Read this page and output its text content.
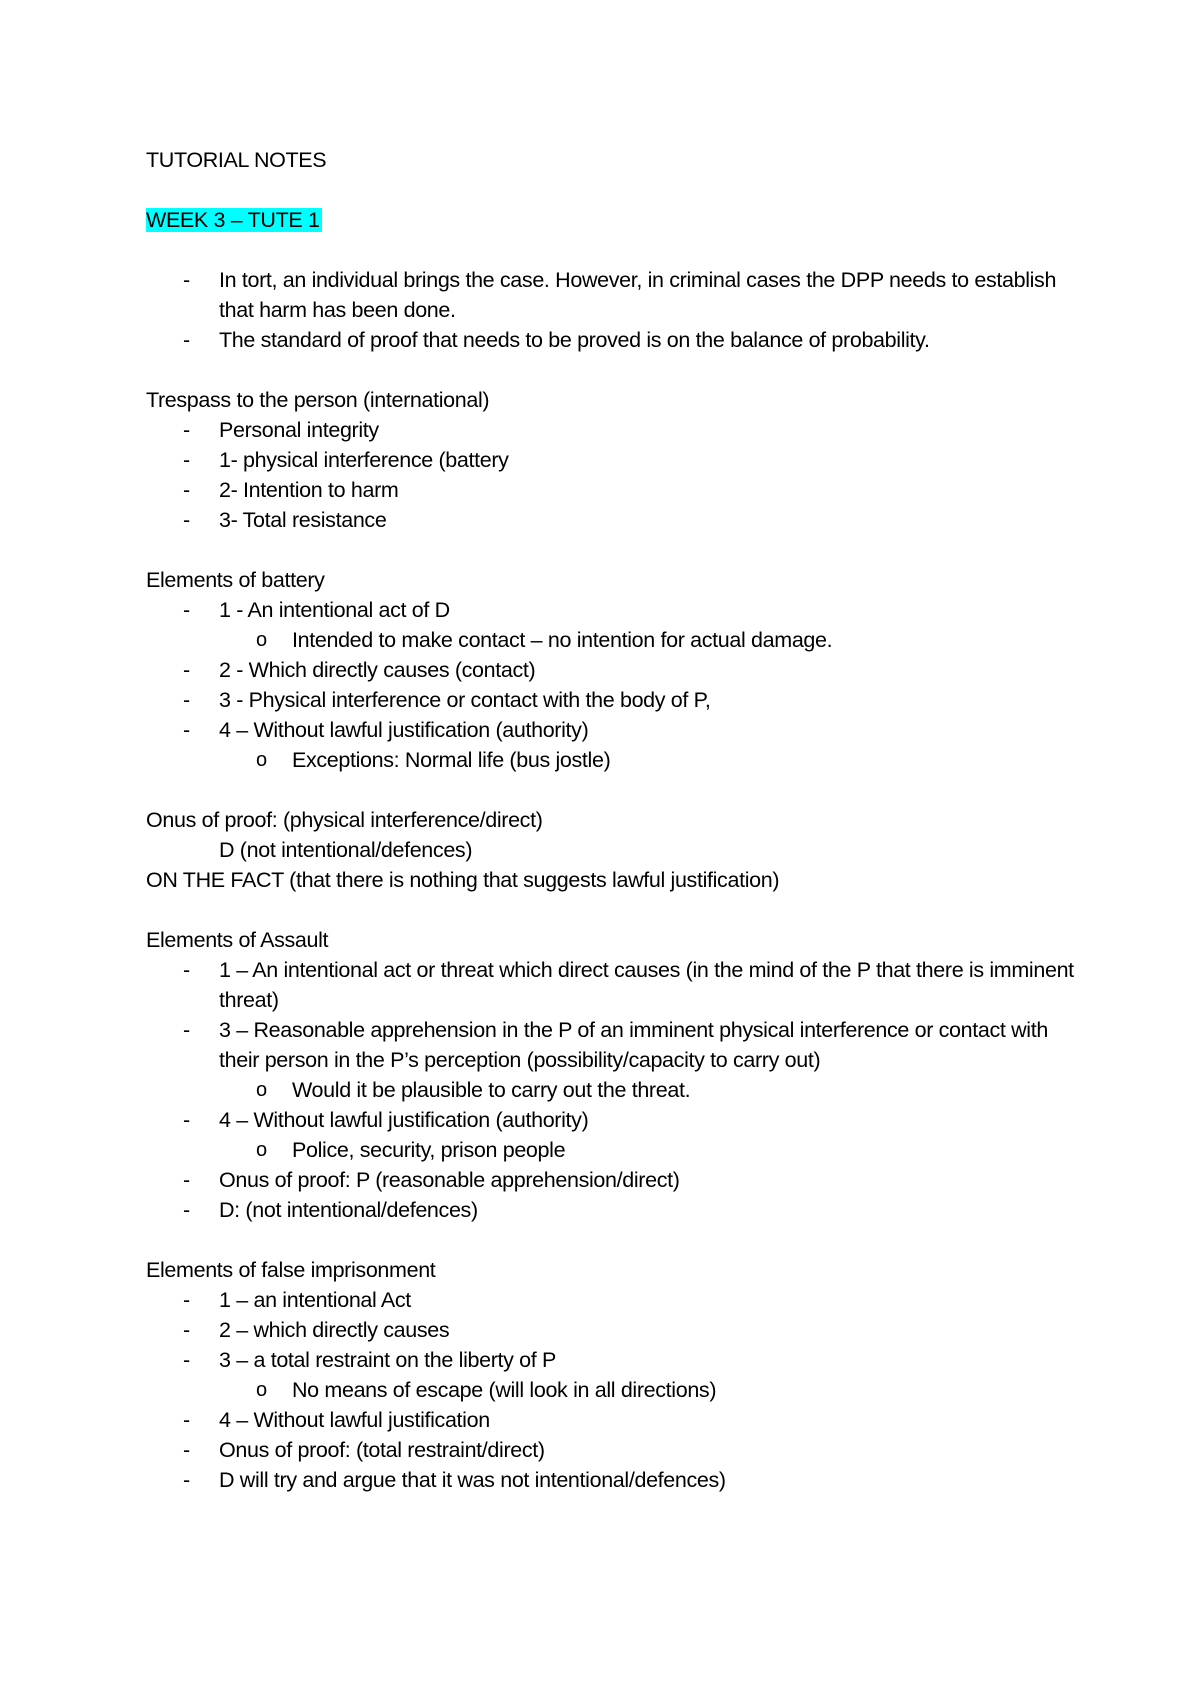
TUTORIAL NOTES
WEEK 3 – TUTE 1
- In tort, an individual brings the case. However, in criminal cases the DPP needs to establish that harm has been done.
- The standard of proof that needs to be proved is on the balance of probability.
Trespass to the person (international)
- Personal integrity
- 1- physical interference (battery
- 2- Intention to harm
- 3- Total resistance
Elements of battery
- 1 - An intentional act of D
o Intended to make contact – no intention for actual damage.
- 2 - Which directly causes (contact)
- 3 - Physical interference or contact with the body of P,
- 4 – Without lawful justification (authority)
o Exceptions: Normal life (bus jostle)
Onus of proof: (physical interference/direct)
D (not intentional/defences)
ON THE FACT (that there is nothing that suggests lawful justification)
Elements of Assault
- 1 – An intentional act or threat which direct causes (in the mind of the P that there is imminent threat)
- 3 – Reasonable apprehension in the P of an imminent physical interference or contact with their person in the P’s perception (possibility/capacity to carry out)
o Would it be plausible to carry out the threat.
- 4 – Without lawful justification (authority)
o Police, security, prison people
- Onus of proof: P (reasonable apprehension/direct)
- D: (not intentional/defences)
Elements of false imprisonment
- 1 – an intentional Act
- 2 – which directly causes
- 3 – a total restraint on the liberty of P
o No means of escape (will look in all directions)
- 4 – Without lawful justification
- Onus of proof: (total restraint/direct)
- D will try and argue that it was not intentional/defences)
